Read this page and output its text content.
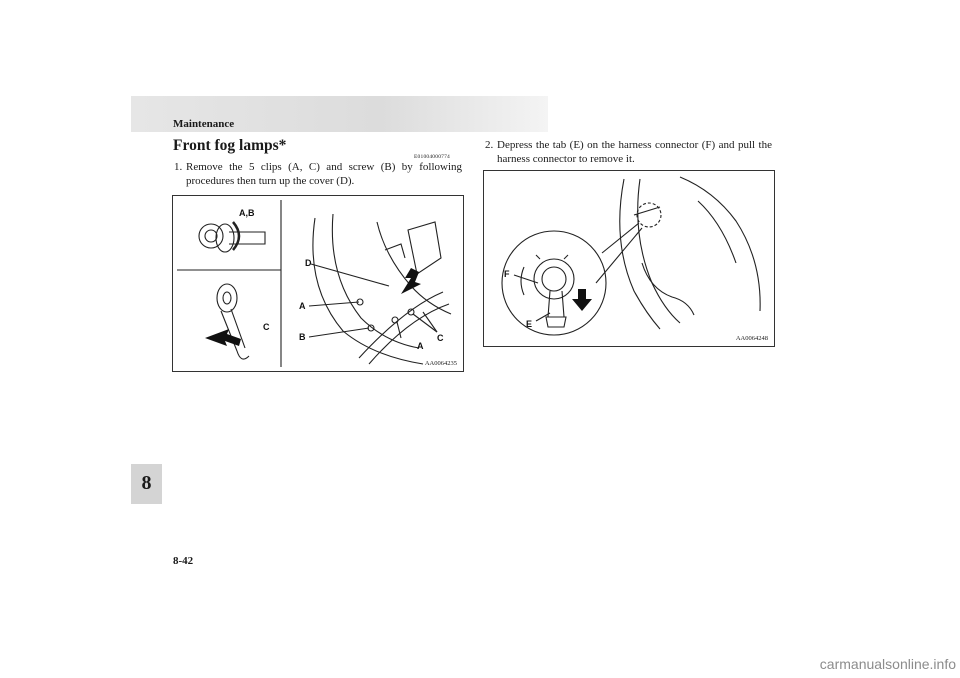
Maintenance
8
Front fog lamps*
E01004000774
1. Remove the 5 clips (A, C) and screw (B) by following procedures then turn up the cover (D).
2. Depress the tab (E) on the harness connector (F) and pull the harness connector to remove it.
A,B
C
D
A
B
A
C
AA0064235
F
E
AA0064248
8-42
carmanualsonline.info
